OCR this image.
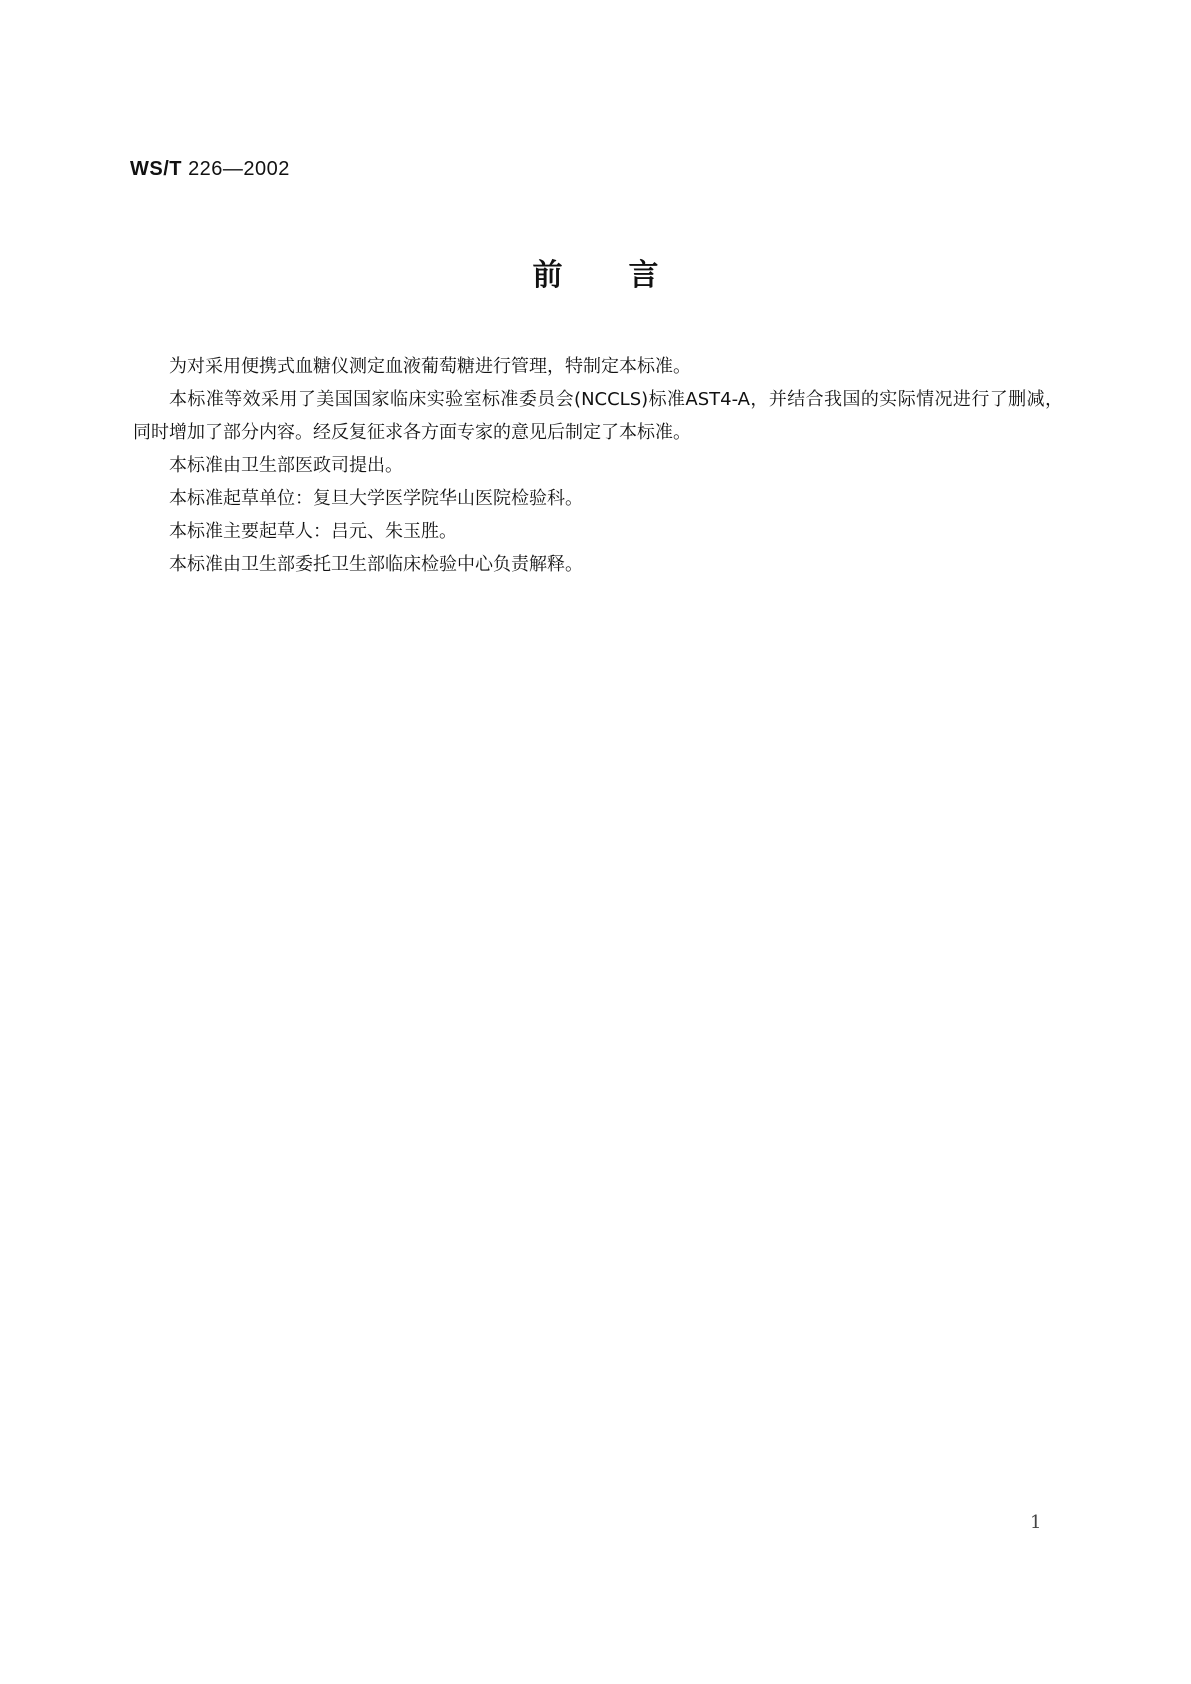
WS/T 226—2002
前言

为对采用便携式血糖仪测定血液葡萄糖进行管理，特制定本标准。

本标准等效采用了美国国家临床实验室标准委员会(NCCLS)标准AST4-A，并结合我国的实际情况进行了删减，同时增加了部分内容。经反复征求各方面专家的意见后制定了本标准。

本标准由卫生部医政司提出。

本标准起草单位：复旦大学医学院华山医院检验科。

本标准主要起草人：吕元、朱玉胜。

本标准由卫生部委托卫生部临床检验中心负责解释。

1
